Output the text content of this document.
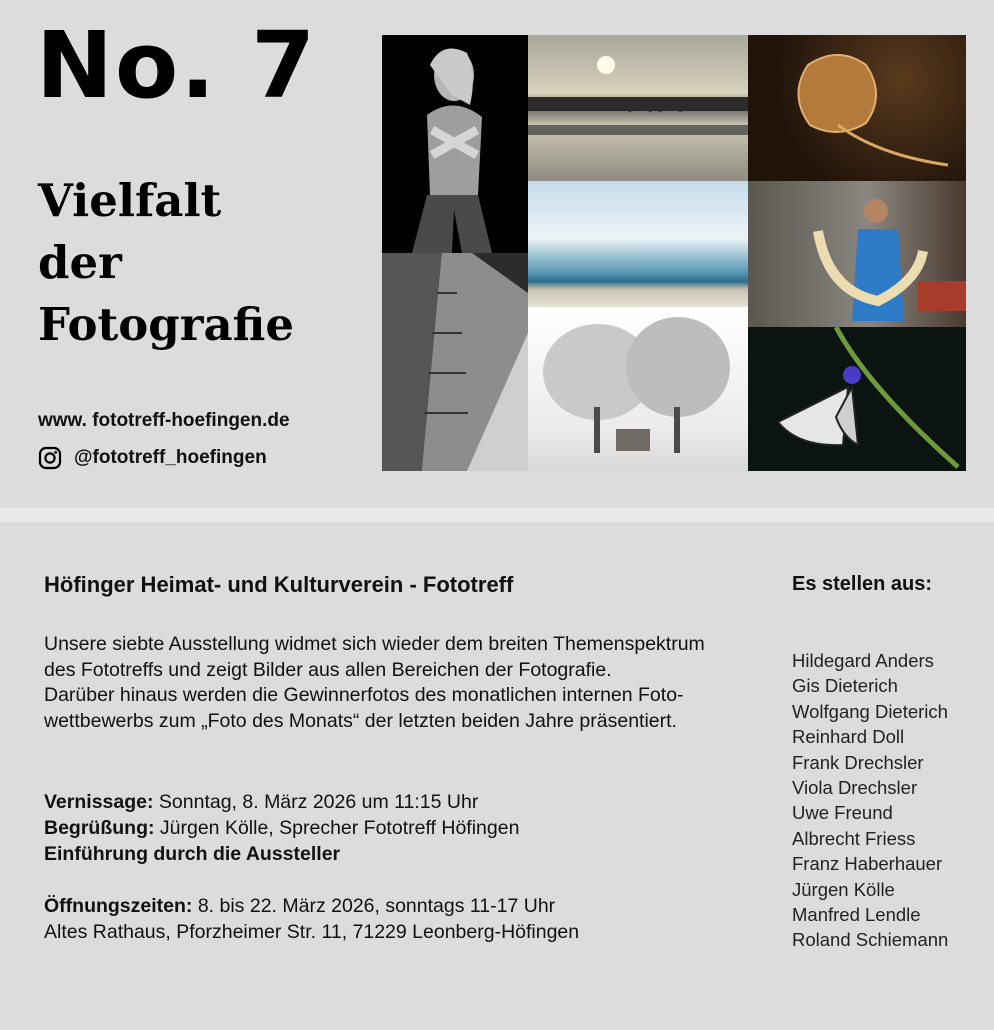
No. 7
Vielfalt
der
Fotografie
www. fototreff-hoefingen.de
@fototreff_hoefingen
Höfinger Heimat- und Kulturverein - Fototreff

Unsere siebte Ausstellung widmet sich wieder dem breiten Themenspektrum

des Fototreffs und zeigt Bilder aus allen Bereichen der Fotografie.

Darüber hinaus werden die Gewinnerfotos des monatlichen internen Foto-

wettbewerbs zum „Foto des Monats“ der letzten beiden Jahre präsentiert.

Vernissage: Sonntag, 8. März 2026 um 11:15 Uhr
Begrüßung: Jürgen Kölle, Sprecher Fototreff Höfingen
Einführung durch die Aussteller
Öffnungszeiten: 8. bis 22. März 2026, sonntags 11-17 Uhr
Altes Rathaus, Pforzheimer Str. 11, 71229 Leonberg-Höfingen
Es stellen aus:
Hildegard Anders
Gis Dieterich
Wolfgang Dieterich
Reinhard Doll
Frank Drechsler
Viola Drechsler
Uwe Freund
Albrecht Friess
Franz Haberhauer
Jürgen Kölle
Manfred Lendle
Roland Schiemann
